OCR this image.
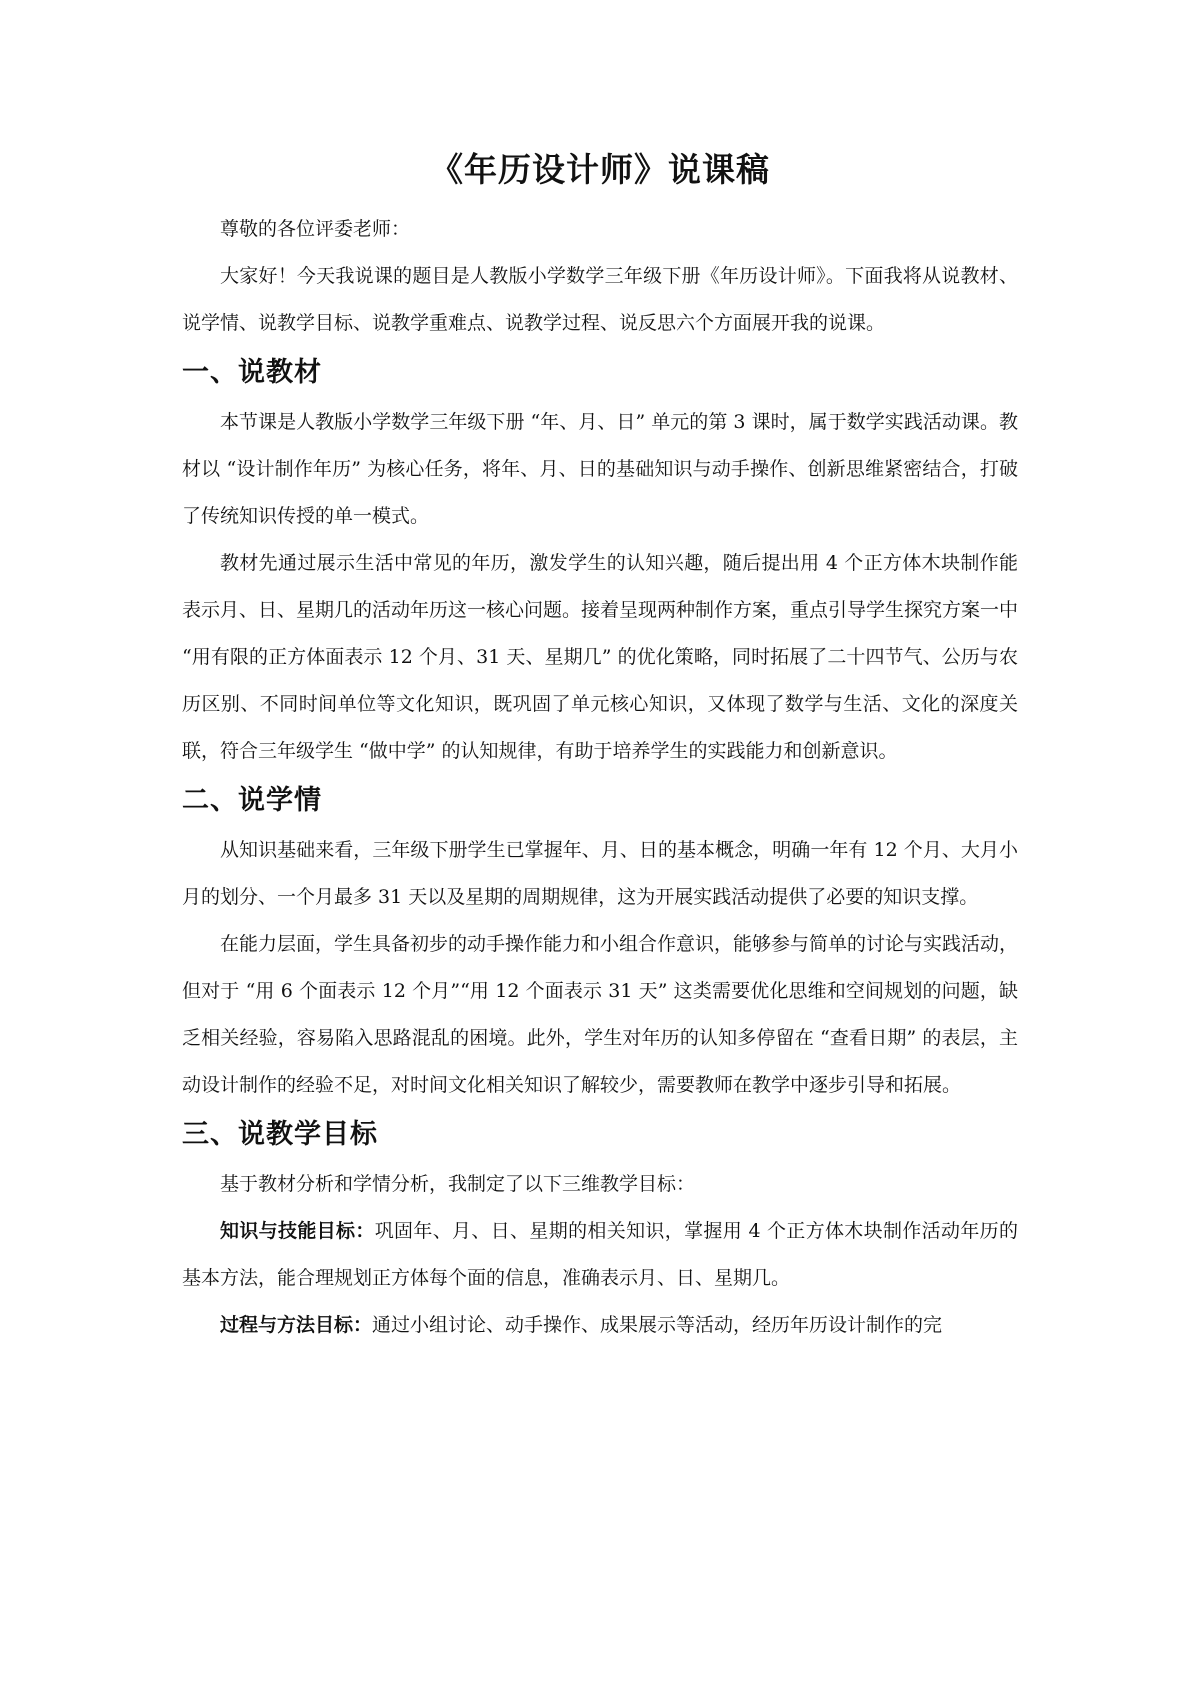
《年历设计师》说课稿

尊敬的各位评委老师：

大家好！今天我说课的题目是人教版小学数学三年级下册《年历设计师》。下面我将从说教材、说学情、说教学目标、说教学重难点、说教学过程、说反思六个方面展开我的说课。

一、说教材

本节课是人教版小学数学三年级下册 “年、月、日” 单元的第 3 课时，属于数学实践活动课。教材以 “设计制作年历” 为核心任务，将年、月、日的基础知识与动手操作、创新思维紧密结合，打破了传统知识传授的单一模式。

教材先通过展示生活中常见的年历，激发学生的认知兴趣，随后提出用 4 个正方体木块制作能表示月、日、星期几的活动年历这一核心问题。接着呈现两种制作方案，重点引导学生探究方案一中 “用有限的正方体面表示 12 个月、31 天、星期几” 的优化策略，同时拓展了二十四节气、公历与农历区别、不同时间单位等文化知识，既巩固了单元核心知识，又体现了数学与生活、文化的深度关联，符合三年级学生 “做中学” 的认知规律，有助于培养学生的实践能力和创新意识。

二、说学情

从知识基础来看，三年级下册学生已掌握年、月、日的基本概念，明确一年有 12 个月、大月小月的划分、一个月最多 31 天以及星期的周期规律，这为开展实践活动提供了必要的知识支撑。

在能力层面，学生具备初步的动手操作能力和小组合作意识，能够参与简单的讨论与实践活动，但对于 “用 6 个面表示 12 个月”“用 12 个面表示 31 天” 这类需要优化思维和空间规划的问题，缺乏相关经验，容易陷入思路混乱的困境。此外，学生对年历的认知多停留在 “查看日期” 的表层，主动设计制作的经验不足，对时间文化相关知识了解较少，需要教师在教学中逐步引导和拓展。

三、说教学目标

基于教材分析和学情分析，我制定了以下三维教学目标：

知识与技能目标：巩固年、月、日、星期的相关知识，掌握用 4 个正方体木块制作活动年历的基本方法，能合理规划正方体每个面的信息，准确表示月、日、星期几。

过程与方法目标：通过小组讨论、动手操作、成果展示等活动，经历年历设计制作的完
